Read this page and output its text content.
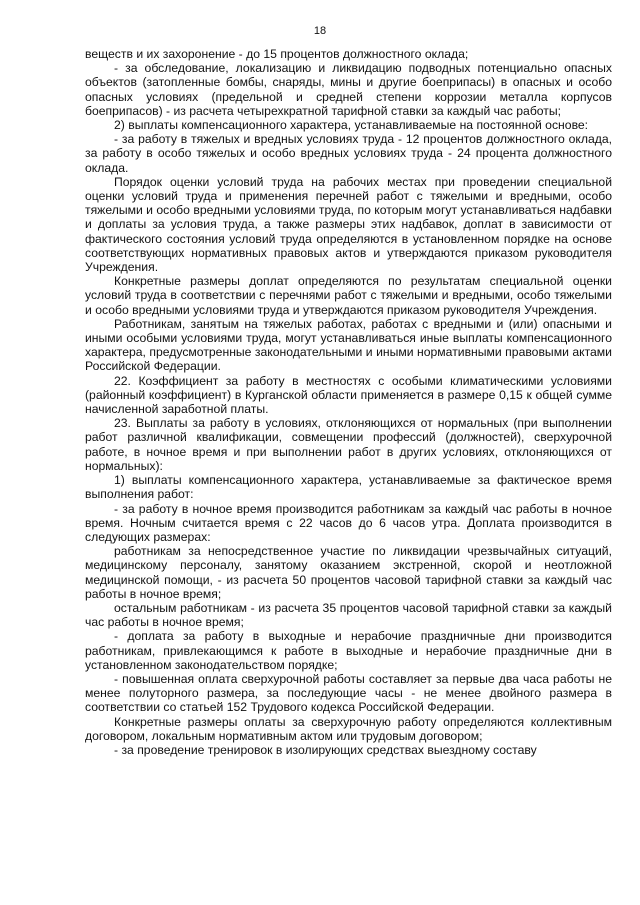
18

веществ и их захоронение - до 15 процентов должностного оклада;

- за обследование, локализацию и ликвидацию подводных потенциально опасных объектов (затопленные бомбы, снаряды, мины и другие боеприпасы) в опасных и особо опасных условиях (предельной и средней степени коррозии металла корпусов боеприпасов) - из расчета четырехкратной тарифной ставки за каждый час работы;

2) выплаты компенсационного характера, устанавливаемые на постоянной основе:

- за работу в тяжелых и вредных условиях труда - 12 процентов должностного оклада, за работу в особо тяжелых и особо вредных условиях труда - 24 процента должностного оклада.

Порядок оценки условий труда на рабочих местах при проведении специальной оценки условий труда и применения перечней работ с тяжелыми и вредными, особо тяжелыми и особо вредными условиями труда, по которым могут устанавливаться надбавки и доплаты за условия труда, а также размеры этих надбавок, доплат в зависимости от фактического состояния условий труда определяются в установленном порядке на основе соответствующих нормативных правовых актов и утверждаются приказом руководителя Учреждения.

Конкретные размеры доплат определяются по результатам специальной оценки условий труда в соответствии с перечнями работ с тяжелыми и вредными, особо тяжелыми и особо вредными условиями труда и утверждаются приказом руководителя Учреждения.

Работникам, занятым на тяжелых работах, работах с вредными и (или) опасными и иными особыми условиями труда, могут устанавливаться иные выплаты компенсационного характера, предусмотренные законодательными и иными нормативными правовыми актами Российской Федерации.

22. Коэффициент за работу в местностях с особыми климатическими условиями (районный коэффициент) в Курганской области применяется в размере 0,15 к общей сумме начисленной заработной платы.

23. Выплаты за работу в условиях, отклоняющихся от нормальных (при выполнении работ различной квалификации, совмещении профессий (должностей), сверхурочной работе, в ночное время и при выполнении работ в других условиях, отклоняющихся от нормальных):

1) выплаты компенсационного характера, устанавливаемые за фактическое время выполнения работ:

- за работу в ночное время производится работникам за каждый час работы в ночное время. Ночным считается время с 22 часов до 6 часов утра. Доплата производится в следующих размерах:

работникам за непосредственное участие по ликвидации чрезвычайных ситуаций, медицинскому персоналу, занятому оказанием экстренной, скорой и неотложной медицинской помощи, - из расчета 50 процентов часовой тарифной ставки за каждый час работы в ночное время;

остальным работникам - из расчета 35 процентов часовой тарифной ставки за каждый час работы в ночное время;

- доплата за работу в выходные и нерабочие праздничные дни производится работникам, привлекающимся к работе в выходные и нерабочие праздничные дни в установленном законодательством порядке;

- повышенная оплата сверхурочной работы составляет за первые два часа работы не менее полуторного размера, за последующие часы - не менее двойного размера в соответствии со статьей 152 Трудового кодекса Российской Федерации.

Конкретные размеры оплаты за сверхурочную работу определяются коллективным договором, локальным нормативным актом или трудовым договором;

- за проведение тренировок в изолирующих средствах выездному составу
